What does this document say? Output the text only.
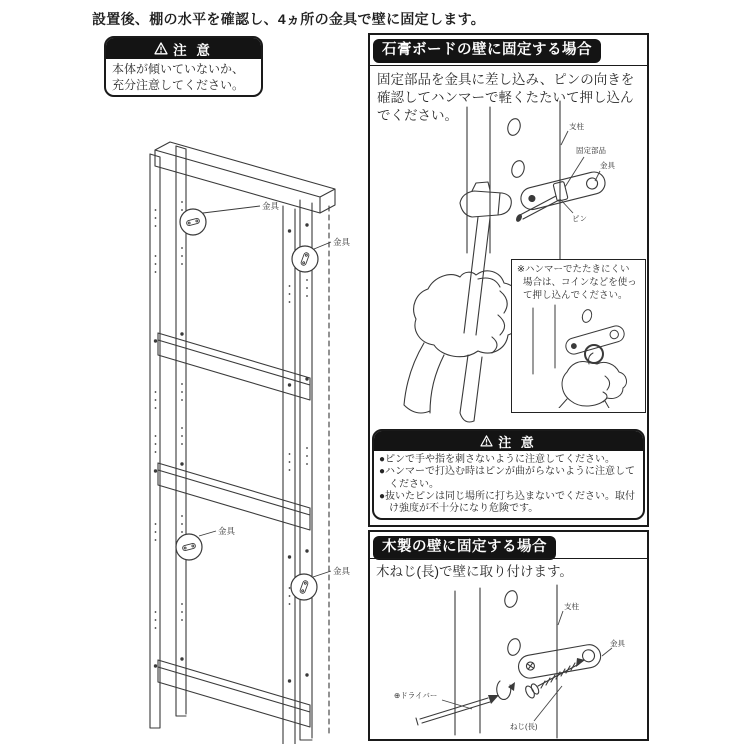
設置後、棚の水平を確認し、4ヵ所の金具で壁に固定します。
注 意
本体が傾いていないか、充分注意してください。
金具
金具
金具
金具
石膏ボードの壁に固定する場合
固定部品を金具に差し込み、ピンの向きを確認してハンマーで軽くたたいて押し込んでください。
支柱
固定部品
金具
ピン
※ハンマーでたたきにくい
場合は、コインなどを使っ
て押し込んでください。
注 意
●ピンで手や指を刺さないように注意してください。
●ハンマーで打込む時はピンが曲がらないように注意してください。
●抜いたピンは同じ場所に打ち込まないでください。取付け強度が不十分になり危険です。
木製の壁に固定する場合
木ねじ(長)で壁に取り付けます。
支柱
金具
⊕ドライバー
ねじ(長)
